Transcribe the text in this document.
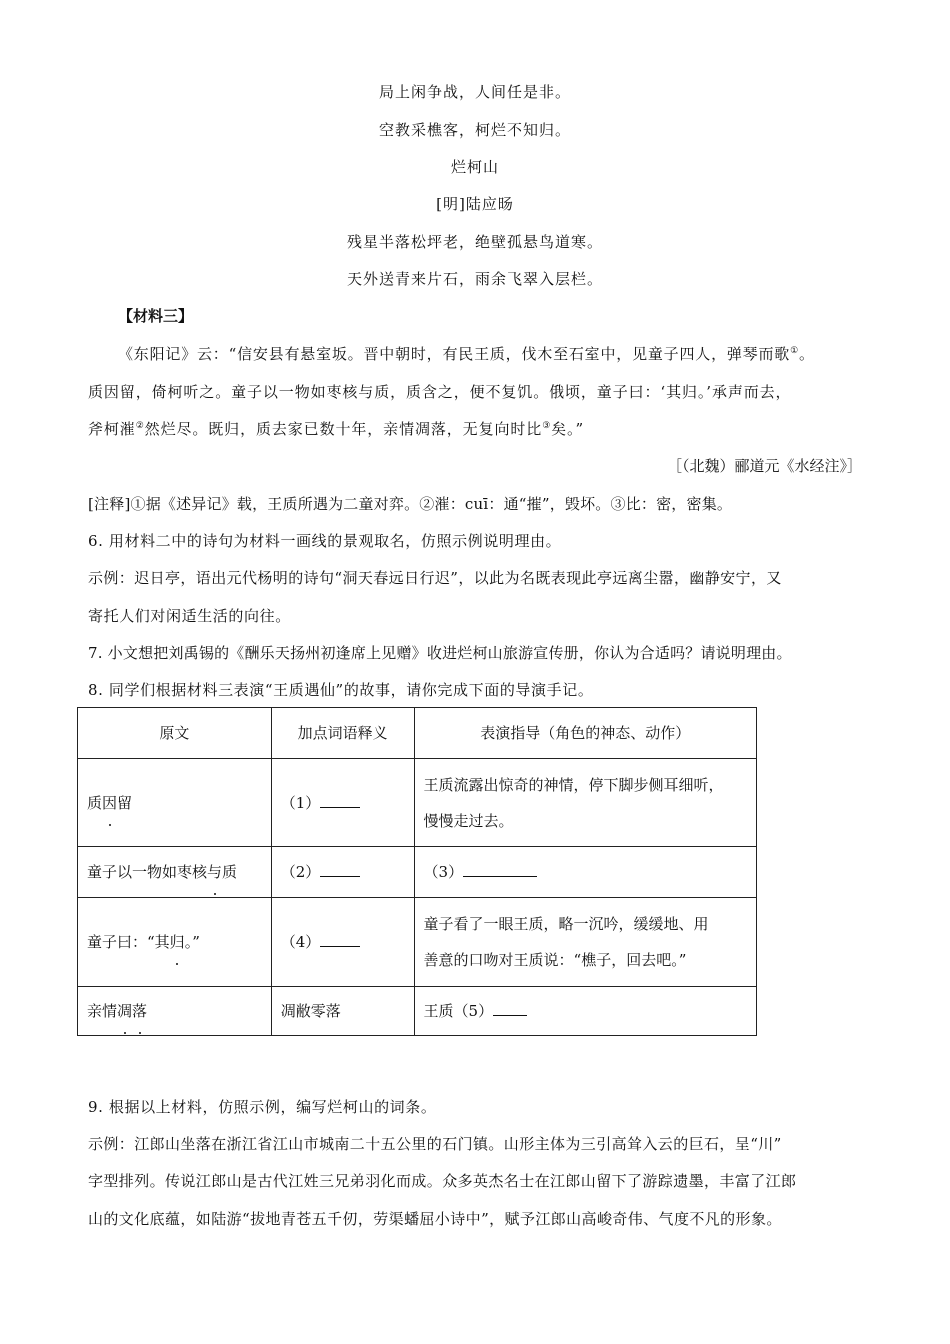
局上闲争战，人间任是非。
空教采樵客，柯烂不知归。
烂柯山
[明]陆应旸
残星半落松坪老，绝壁孤悬鸟道寒。
天外送青来片石，雨余飞翠入层栏。
【材料三】
《东阳记》云：“信安县有悬室坂。晋中朝时，有民王质，伐木至石室中，见童子四人，弹琴而歌①。
质因留，倚柯听之。童子以一物如枣核与质，质含之，便不复饥。俄顷，童子曰：‘其归。’承声而去，
斧柯漼②然烂尽。既归，质去家已数十年，亲情凋落，无复向时比③矣。”
［（北魏）郦道元《水经注》］
[注释]①据《述异记》载，王质所遇为二童对弈。②漼：cuī：通“摧”，毁坏。③比：密，密集。
6. 用材料二中的诗句为材料一画线的景观取名，仿照示例说明理由。
示例：迟日亭，语出元代杨明的诗句“洞天春远日行迟”，以此为名既表现此亭远离尘嚣，幽静安宁，又
寄托人们对闲适生活的向往。
7. 小文想把刘禹锡的《酬乐天扬州初逢席上见赠》收进烂柯山旅游宣传册，你认为合适吗？请说明理由。
8. 同学们根据材料三表演“王质遇仙”的故事，请你完成下面的导演手记。
原文	加点词语释义	表演指导（角色的神态、动作）
质因留	（1）	王质流露出惊奇的神情，停下脚步侧耳细听，
慢慢走过去。

童子以一物如枣核与质	（2）	（3）
童子曰：“其归。”	（4）	童子看了一眼王质，略一沉吟，缓缓地、用
善意的口吻对王质说：“樵子，回去吧。”

亲情凋落	凋敝零落	王质（5）
9. 根据以上材料，仿照示例，编写烂柯山的词条。
示例：江郎山坐落在浙江省江山市城南二十五公里的石门镇。山形主体为三引高耸入云的巨石，呈“川”
字型排列。传说江郎山是古代江姓三兄弟羽化而成。众多英杰名士在江郎山留下了游踪遗墨，丰富了江郎
山的文化底蕴，如陆游“拔地青苍五千仞，劳渠蟠屈小诗中”，赋予江郎山高峻奇伟、气度不凡的形象。
